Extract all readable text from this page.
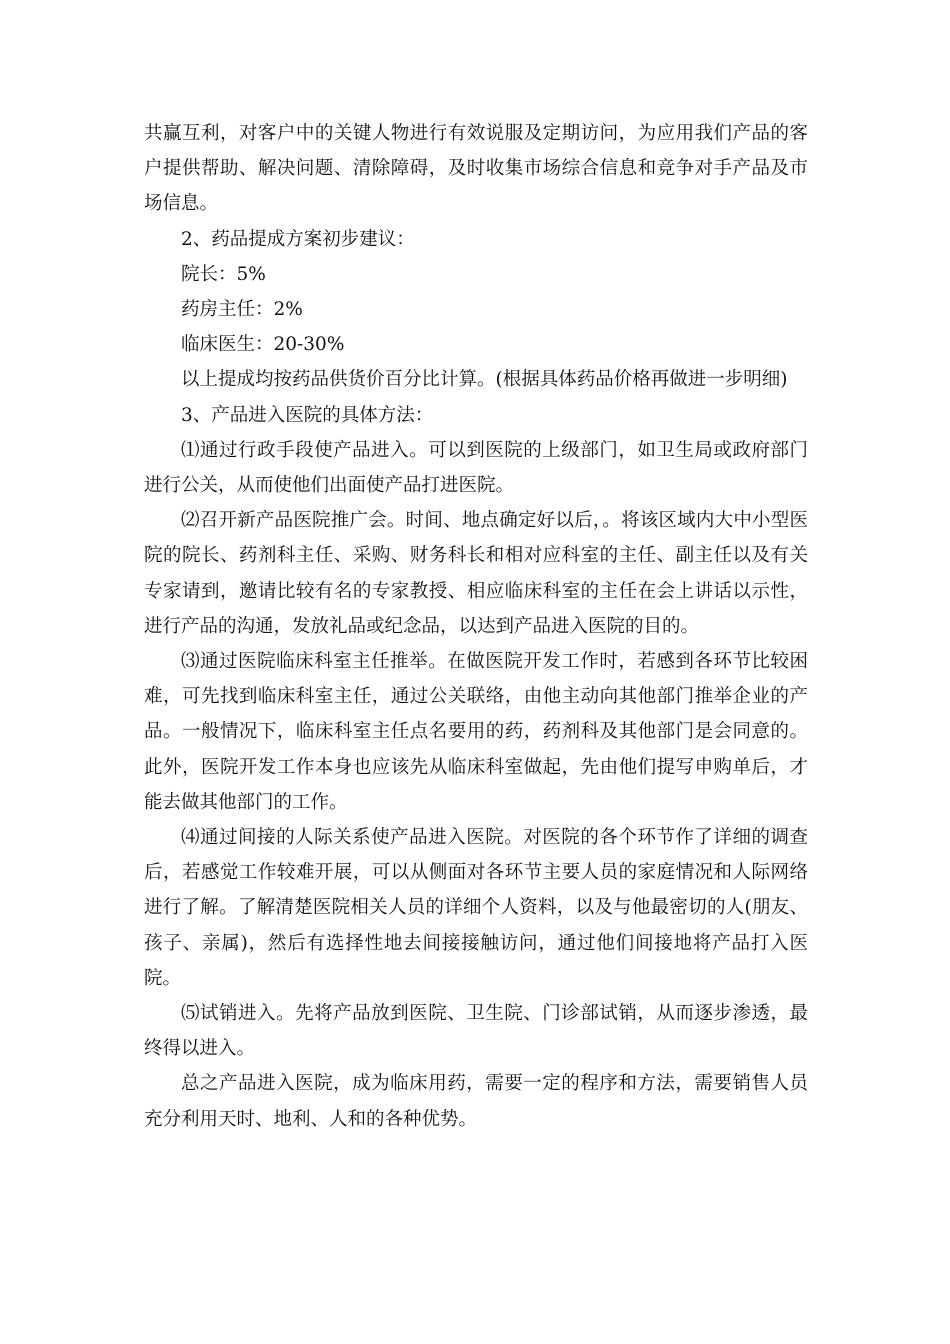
共赢互利，对客户中的关键人物进行有效说服及定期访问，为应用我们产品的客户提供帮助、解决问题、清除障碍，及时收集市场综合信息和竞争对手产品及市场信息。

2、药品提成方案初步建议：

院长：5%

药房主任：2%

临床医生：20-30%

以上提成均按药品供货价百分比计算。(根据具体药品价格再做进一步明细)

3、产品进入医院的具体方法：

⑴通过行政手段使产品进入。可以到医院的上级部门，如卫生局或政府部门进行公关，从而使他们出面使产品打进医院。

⑵召开新产品医院推广会。时间、地点确定好以后，。将该区域内大中小型医院的院长、药剂科主任、采购、财务科长和相对应科室的主任、副主任以及有关专家请到，邀请比较有名的专家教授、相应临床科室的主任在会上讲话以示性，进行产品的沟通，发放礼品或纪念品，以达到产品进入医院的目的。

⑶通过医院临床科室主任推举。在做医院开发工作时，若感到各环节比较困难，可先找到临床科室主任，通过公关联络，由他主动向其他部门推举企业的产品。一般情况下，临床科室主任点名要用的药，药剂科及其他部门是会同意的。此外，医院开发工作本身也应该先从临床科室做起，先由他们提写申购单后，才能去做其他部门的工作。

⑷通过间接的人际关系使产品进入医院。对医院的各个环节作了详细的调查后，若感觉工作较难开展，可以从侧面对各环节主要人员的家庭情况和人际网络进行了解。了解清楚医院相关人员的详细个人资料，以及与他最密切的人(朋友、孩子、亲属)，然后有选择性地去间接接触访问，通过他们间接地将产品打入医院。

⑸试销进入。先将产品放到医院、卫生院、门诊部试销，从而逐步渗透，最终得以进入。

总之产品进入医院，成为临床用药，需要一定的程序和方法，需要销售人员充分利用天时、地利、人和的各种优势。
